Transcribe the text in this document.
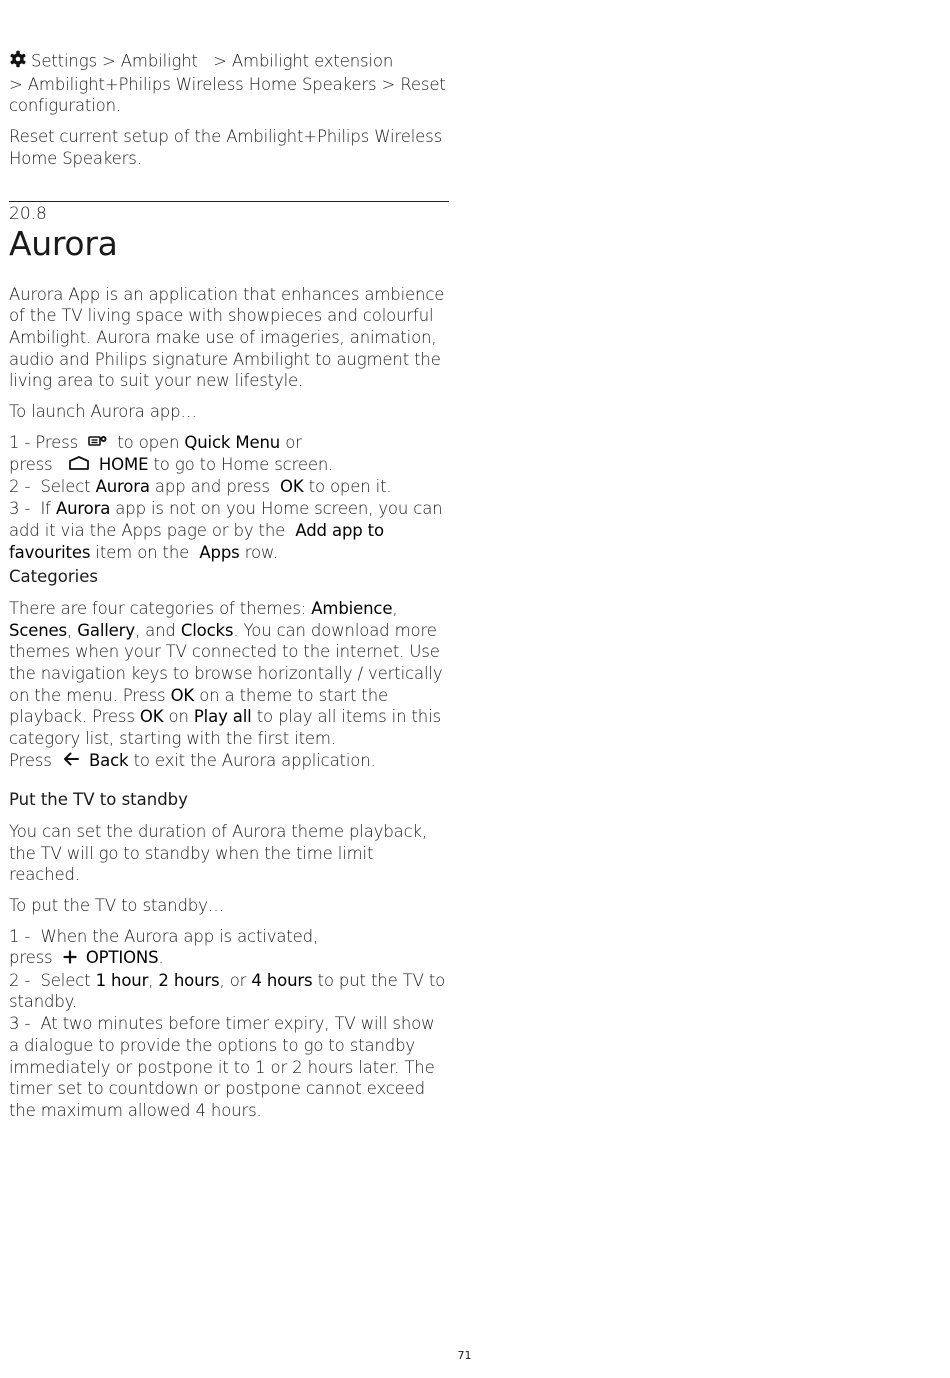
Settings > Ambilight   > Ambilight extension
> Ambilight+Philips Wireless Home Speakers > Reset configuration.

Reset current setup of the Ambilight+Philips Wireless Home Speakers.

20.8
Aurora

Aurora App is an application that enhances ambience of the TV living space with showpieces and colourful Ambilight. Aurora make use of imageries, animation, audio and Philips signature Ambilight to augment the living area to suit your new lifestyle.

To launch Aurora app…

1 - Press   to open Quick Menu or
press	HOME to go to Home screen.

2 -  Select Aurora app and press  OK to open it.

3 -  If Aurora app is not on you Home screen, you can add it via the Apps page or by the  Add app to favourites item on the  Apps row.

Categories

There are four categories of themes: Ambience, Scenes, Gallery, and Clocks. You can download more themes when your TV connected to the internet. Use the navigation keys to browse horizontally / vertically on the menu. Press OK on a theme to start the playback. Press OK on Play all to play all items in this category list, starting with the first item.
Press   Back to exit the Aurora application.

Put the TV to standby

You can set the duration of Aurora theme playback, the TV will go to standby when the time limit reached.

To put the TV to standby…

1 -  When the Aurora app is activated,
press   OPTIONS.

2 -  Select 1 hour, 2 hours, or 4 hours to put the TV to standby.

3 -  At two minutes before timer expiry, TV will show a dialogue to provide the options to go to standby immediately or postpone it to 1 or 2 hours later. The timer set to countdown or postpone cannot exceed the maximum allowed 4 hours.

71
